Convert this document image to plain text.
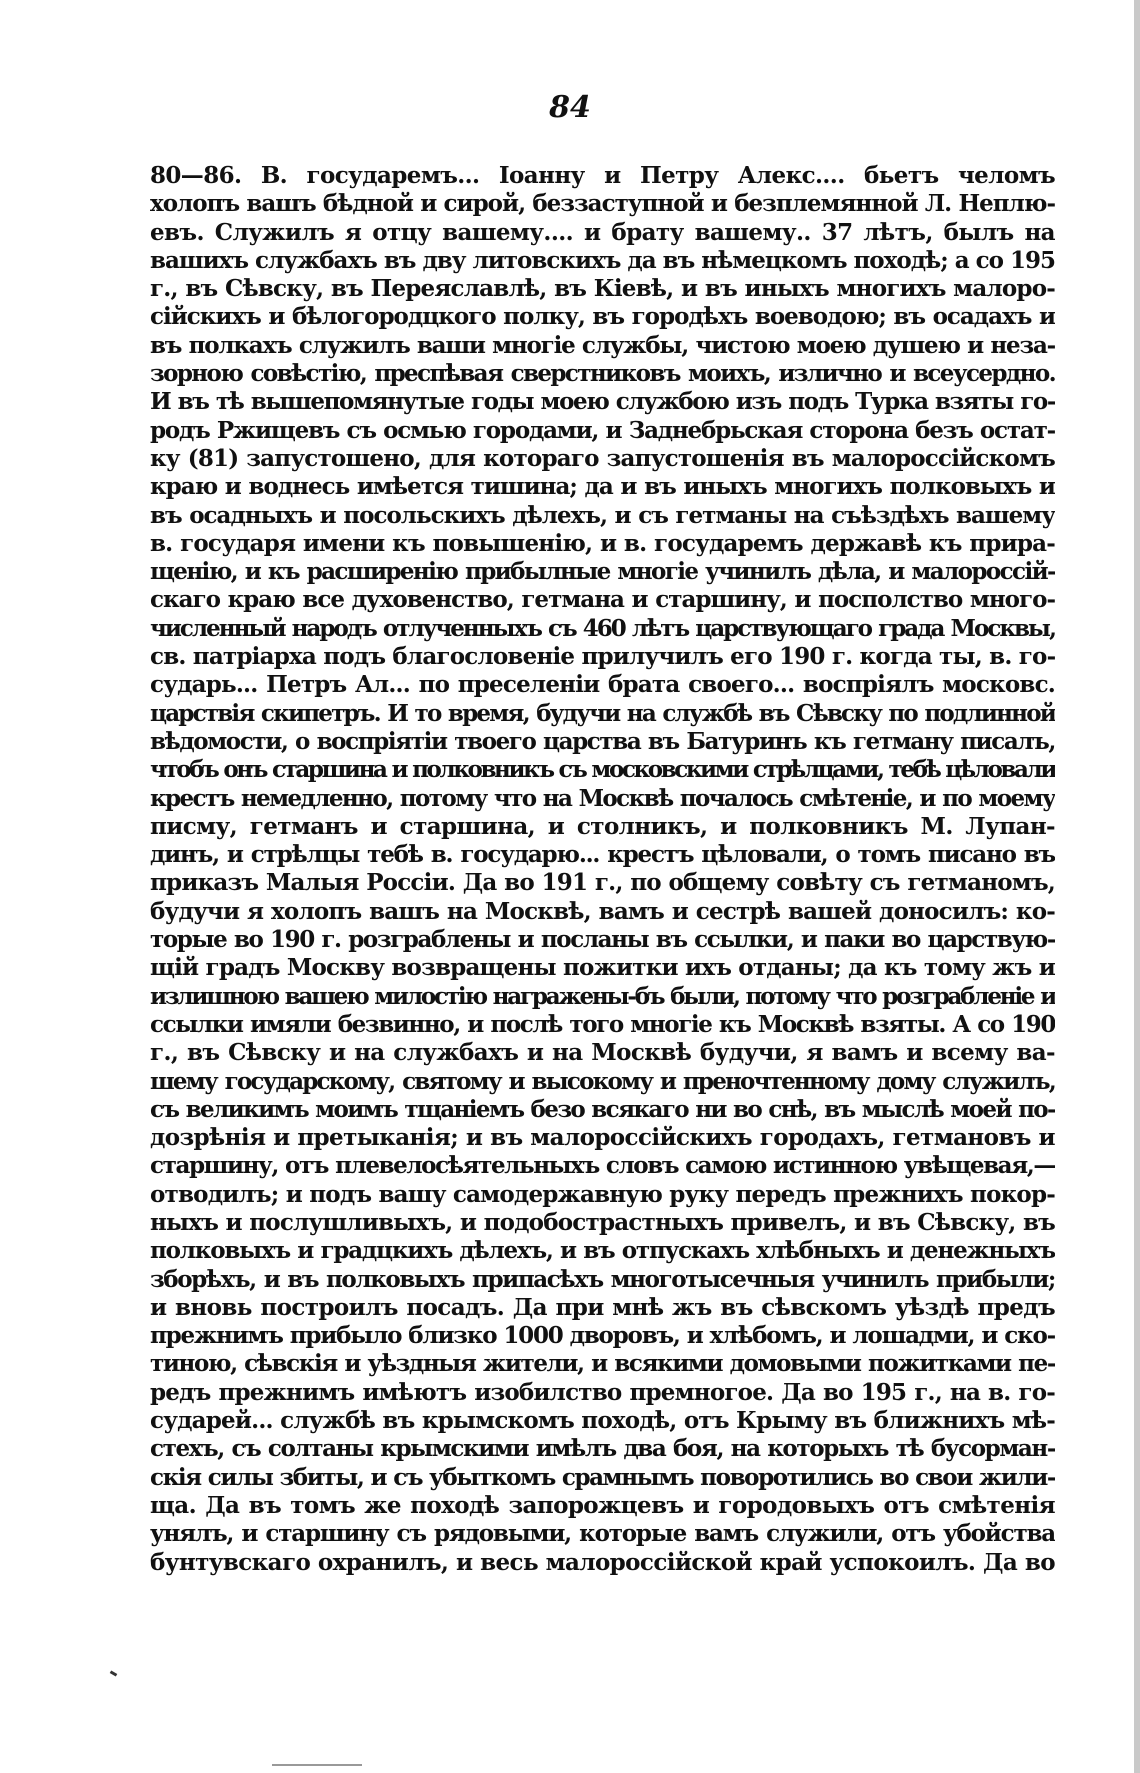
84
80—86. В. государемъ... Іоанну и Петру Алекс.... бьетъ челомъ
холопъ вашъ бѣдной и сирой, беззаступной и безплемянной Л. Неплю-
евъ. Служилъ я отцу вашему.... и брату вашему.. 37 лѣтъ, былъ на
вашихъ службахъ въ дву литовскихъ да въ нѣмецкомъ походѣ; а со 195
г., въ Сѣвску, въ Переяславлѣ, въ Кіевѣ, и въ иныхъ многихъ малоро-
сійскихъ и бѣлогородцкого полку, въ городѣхъ воеводою; въ осадахъ и
въ полкахъ служилъ ваши многіе службы, чистою моею душею и неза-
зорною совѣстію, преспѣвая сверстниковъ моихъ, излично и всеусердно.
И въ тѣ вышепомянутые годы моею службою изъ подъ Турка взяты го-
родъ Ржищевъ съ осмью городами, и Заднебрьская сторона безъ остат-
ку (81) запустошено, для котораго запустошенія въ малороссійскомъ
краю и воднесь имѣется тишина; да и въ иныхъ многихъ полковыхъ и
въ осадныхъ и посольскихъ дѣлехъ, и съ гетманы на съѣздѣхъ вашему
в. государя имени къ повышенію, и в. государемъ державѣ къ прира-
щенію, и къ расширенію прибылные многіе учинилъ дѣла, и малороссій-
скаго краю все духовенство, гетмана и старшину, и посполство много-
численный народъ отлученныхъ съ 460 лѣтъ царствующаго града Москвы,
св. патріарха подъ благословеніе прилучилъ его 190 г. когда ты, в. го-
сударь... Петръ Ал... по преселеніи брата своего... воспріялъ московс.
царствія скипетръ. И то время, будучи на службѣ въ Сѣвску по подлинной
вѣдомости, о воспріятіи твоего царства въ Батуринъ къ гетману писалъ,
чтобъ онъ старшина и полковникъ съ московскими стрѣлцами, тебѣ цѣловали
крестъ немедленно, потому что на Москвѣ почалось смѣтеніе, и по моему
писму, гетманъ и старшина, и столникъ, и полковникъ М. Лупан-
динъ, и стрѣлцы тебѣ в. государю... крестъ цѣловали, о томъ писано въ
приказъ Малыя Россіи. Да во 191 г., по общему совѣту съ гетманомъ,
будучи я холопъ вашъ на Москвѣ, вамъ и сестрѣ вашей доносилъ: ко-
торые во 190 г. розграблены и посланы въ ссылки, и паки во царствую-
щій градъ Москву возвращены пожитки ихъ отданы; да къ тому жъ и
излишною вашею милостію награжены-бъ были, потому что розграбленіе и
ссылки имяли безвинно, и послѣ того многіе къ Москвѣ взяты. А со 190
г., въ Сѣвску и на службахъ и на Москвѣ будучи, я вамъ и всему ва-
шему государскому, святому и высокому и преночтенному дому служилъ,
съ великимъ моимъ тщаніемъ безо всякаго ни во снѣ, въ мыслѣ моей по-
дозрѣнія и претыканія; и въ малороссійскихъ городахъ, гетмановъ и
старшину, отъ плевелосѣятельныхъ словъ самою истинною увѣщевая,—
отводилъ; и подъ вашу самодержавную руку передъ прежнихъ покор-
ныхъ и послушливыхъ, и подобострастныхъ привелъ, и въ Сѣвску, въ
полковыхъ и градцкихъ дѣлехъ, и въ отпускахъ хлѣбныхъ и денежныхъ
зборѣхъ, и въ полковыхъ припасѣхъ многотысечныя учинилъ прибыли;
и вновь построилъ посадъ. Да при мнѣ жъ въ сѣвскомъ уѣздѣ предъ
прежнимъ прибыло близко 1000 дворовъ, и хлѣбомъ, и лошадми, и ско-
тиною, сѣвскія и уѣздныя жители, и всякими домовыми пожитками пе-
редъ прежнимъ имѣютъ изобилство премногое. Да во 195 г., на в. го-
сударей... службѣ въ крымскомъ походѣ, отъ Крыму въ ближнихъ мѣ-
стехъ, съ солтаны крымскими имѣлъ два боя, на которыхъ тѣ бусорман-
скія силы збиты, и съ убыткомъ срамнымъ поворотились во свои жили-
ща. Да въ томъ же походѣ запорожцевъ и городовыхъ отъ смѣтенія
унялъ, и старшину съ рядовыми, которые вамъ служили, отъ убойства
бунтувскаго охранилъ, и весь малороссійской край успокоилъ. Да во
